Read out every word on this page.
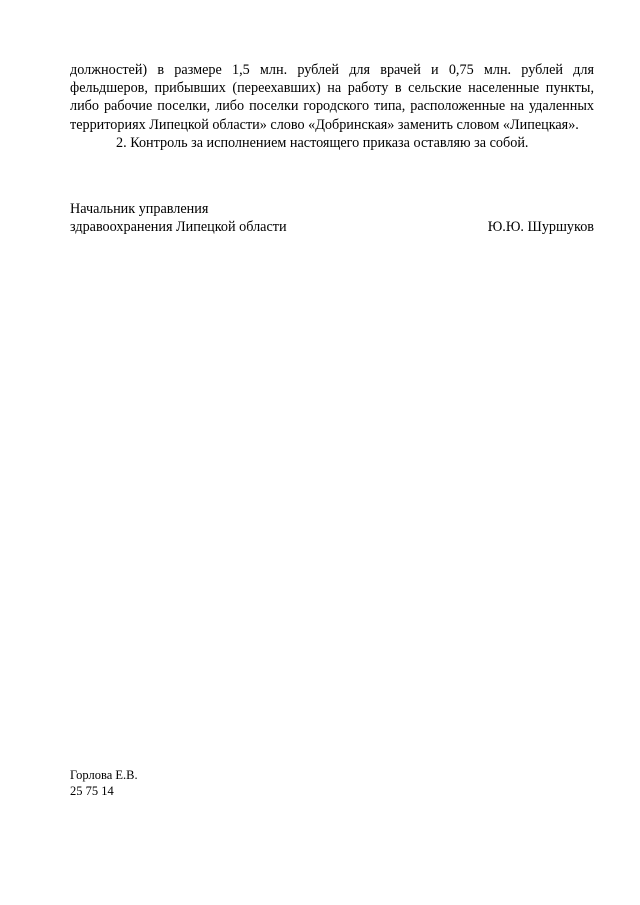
должностей) в размере 1,5 млн. рублей для врачей и 0,75 млн. рублей для фельдшеров, прибывших (переехавших) на работу в сельские населенные пункты, либо рабочие поселки, либо поселки городского типа, расположенные на удаленных территориях Липецкой области» слово «Добринская» заменить словом «Липецкая».

2. Контроль за исполнением настоящего приказа оставляю за собой.

Начальник управления
здравоохранения Липецкой области	Ю.Ю. Шуршуков
Горлова Е.В.
25 75 14
